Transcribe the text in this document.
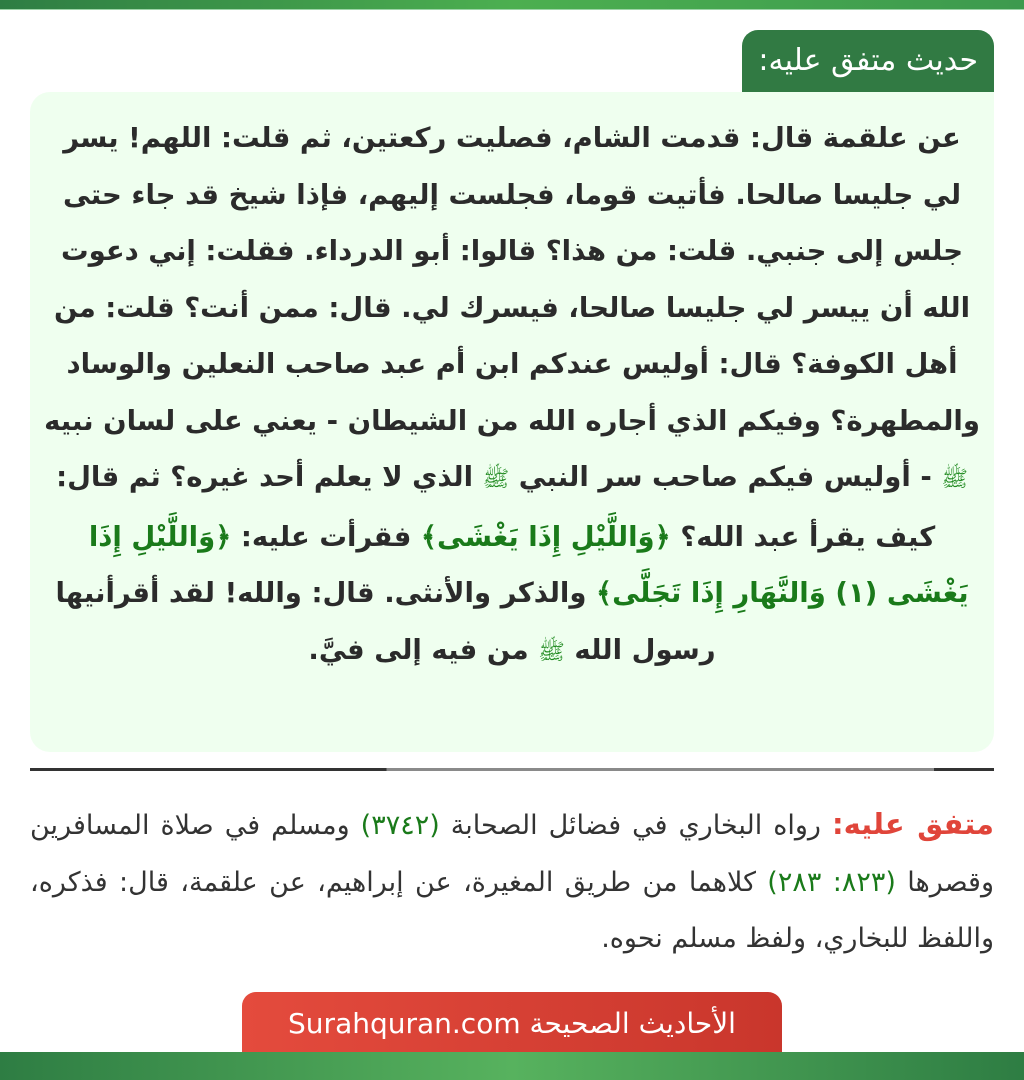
حديث متفق عليه:

عن علقمة قال: قدمت الشام، فصليت ركعتين، ثم قلت: اللهم! يسر لي جليسا صالحا. فأتيت قوما، فجلست إليهم، فإذا شيخ قد جاء حتى جلس إلى جنبي. قلت: من هذا؟ قالوا: أبو الدرداء. فقلت: إني دعوت الله أن ييسر لي جليسا صالحا، فيسرك لي. قال: ممن أنت؟ قلت: من أهل الكوفة؟ قال: أوليس عندكم ابن أم عبد صاحب النعلين والوساد والمطهرة؟ وفيكم الذي أجاره الله من الشيطان - يعني على لسان نبيه ﷺ - أوليس فيكم صاحب سر النبي ﷺ الذي لا يعلم أحد غيره؟ ثم قال: كيف يقرأ عبد الله؟ ﴿وَاللَّيْلِ إِذَا يَغْشَى﴾ فقرأت عليه: ﴿وَاللَّيْلِ إِذَا يَغْشَى (١) وَالنَّهَارِ إِذَا تَجَلَّى﴾ والذكر والأنثى. قال: والله! لقد أقرأنيها رسول الله ﷺ من فيه إلى فيَّ.

متفق عليه: رواه البخاري في فضائل الصحابة (٣٧٤٢) ومسلم في صلاة المسافرين وقصرها (٨٢٣: ٢٨٣) كلاهما من طريق المغيرة، عن إبراهيم، عن علقمة، قال: فذكره، واللفظ للبخاري، ولفظ مسلم نحوه.

الأحاديث الصحيحة Surahquran.com
